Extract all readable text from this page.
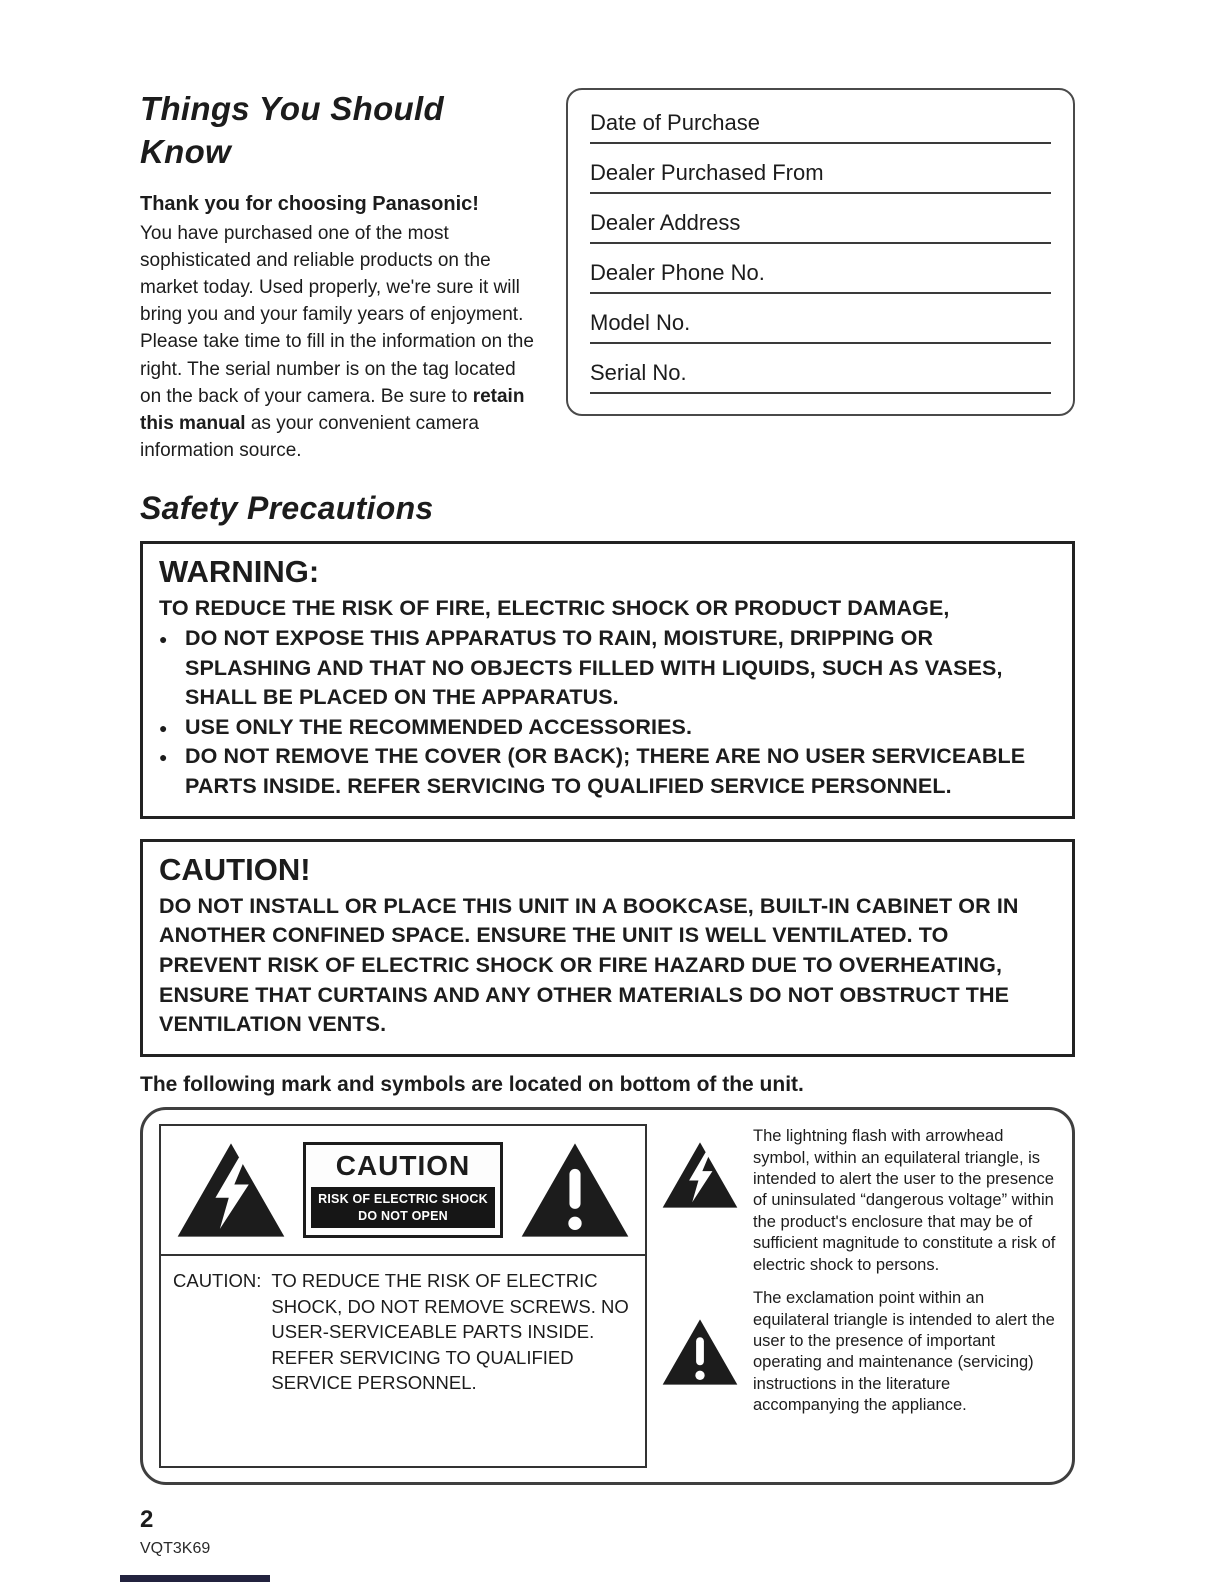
Things You Should Know

Thank you for choosing Panasonic!

You have purchased one of the most sophisticated and reliable products on the market today. Used properly, we're sure it will bring you and your family years of enjoyment. Please take time to fill in the information on the right. The serial number is on the tag located on the back of your camera. Be sure to retain this manual as your convenient camera information source.

Date of Purchase
Dealer Purchased From
Dealer Address
Dealer Phone No.
Model No.
Serial No.
Safety Precautions
WARNING:
TO REDUCE THE RISK OF FIRE, ELECTRIC SHOCK OR PRODUCT DAMAGE,
● DO NOT EXPOSE THIS APPARATUS TO RAIN, MOISTURE, DRIPPING OR SPLASHING AND THAT NO OBJECTS FILLED WITH LIQUIDS, SUCH AS VASES, SHALL BE PLACED ON THE APPARATUS.
● USE ONLY THE RECOMMENDED ACCESSORIES.
● DO NOT REMOVE THE COVER (OR BACK); THERE ARE NO USER SERVICEABLE PARTS INSIDE. REFER SERVICING TO QUALIFIED SERVICE PERSONNEL.
CAUTION!
DO NOT INSTALL OR PLACE THIS UNIT IN A BOOKCASE, BUILT-IN CABINET OR IN ANOTHER CONFINED SPACE. ENSURE THE UNIT IS WELL VENTILATED. TO PREVENT RISK OF ELECTRIC SHOCK OR FIRE HAZARD DUE TO OVERHEATING, ENSURE THAT CURTAINS AND ANY OTHER MATERIALS DO NOT OBSTRUCT THE VENTILATION VENTS.

The following mark and symbols are located on bottom of the unit.

CAUTION
RISK OF ELECTRIC SHOCK
DO NOT OPEN
CAUTION: TO REDUCE THE RISK OF ELECTRIC SHOCK, DO NOT REMOVE SCREWS. NO USER-SERVICEABLE PARTS INSIDE. REFER SERVICING TO QUALIFIED SERVICE PERSONNEL.

The lightning flash with arrowhead symbol, within an equilateral triangle, is intended to alert the user to the presence of uninsulated “dangerous voltage” within the product's enclosure that may be of sufficient magnitude to constitute a risk of electric shock to persons.

The exclamation point within an equilateral triangle is intended to alert the user to the presence of important operating and maintenance (servicing) instructions in the literature accompanying the appliance.

2
VQT3K69
